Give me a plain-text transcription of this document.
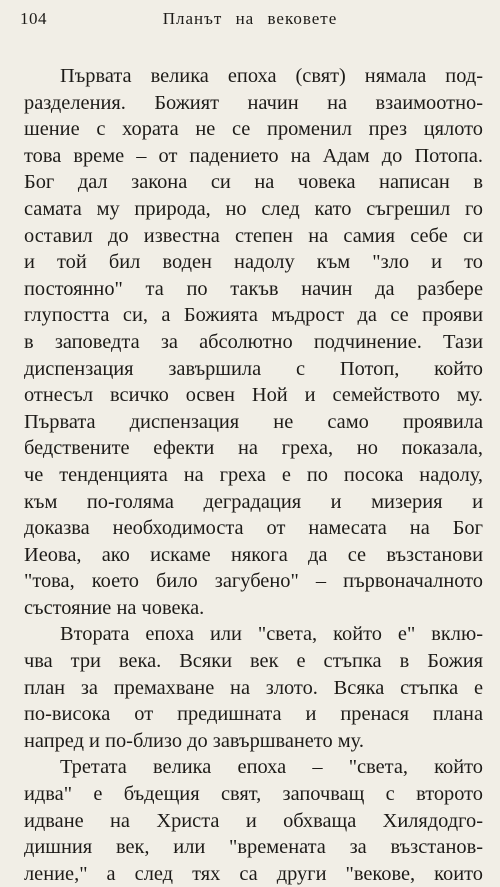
104	Планът на вековете

Първата велика епоха (свят) нямала под-
разделения. Божият начин на взаимоотно-
шение с хората не се променил през цялото
това време – от падението на Адам до Потопа.
Бог дал закона си на човека написан в
самата му природа, но след като съгрешил го
оставил до известна степен на самия себе си
и той бил воден надолу към "зло и то
постоянно" та по такъв начин да разбере
глупостта си, а Божията мъдрост да се прояви
в заповедта за абсолютно подчинение. Тази
диспензация завършила с Потоп, който
отнесъл всичко освен Ной и семейството му.
Първата диспензация не само проявила
бедствените ефекти на греха, но показала,
че тенденцията на греха е по посока надолу,
към по-голяма деградация и мизерия и
доказва необходимоста от намесата на Бог
Иеова, ако искаме някога да се възстанови
"това, което било загубено" – първоначалното
състояние на човека.

Втората епоха или "света, който е" вклю-
чва три века. Всяки век е стъпка в Божия
план за премахване на злото. Всяка стъпка е
по-висока от предишната и пренася плана
напред и по-близо до завършването му.

Третата велика епоха – "света, който
идва" е бъдещия свят, започващ с второто
идване на Христа и обхваща Хилядодго-
дишния век, или "времената за възстанов-
ление," а след тях са други "векове, които
